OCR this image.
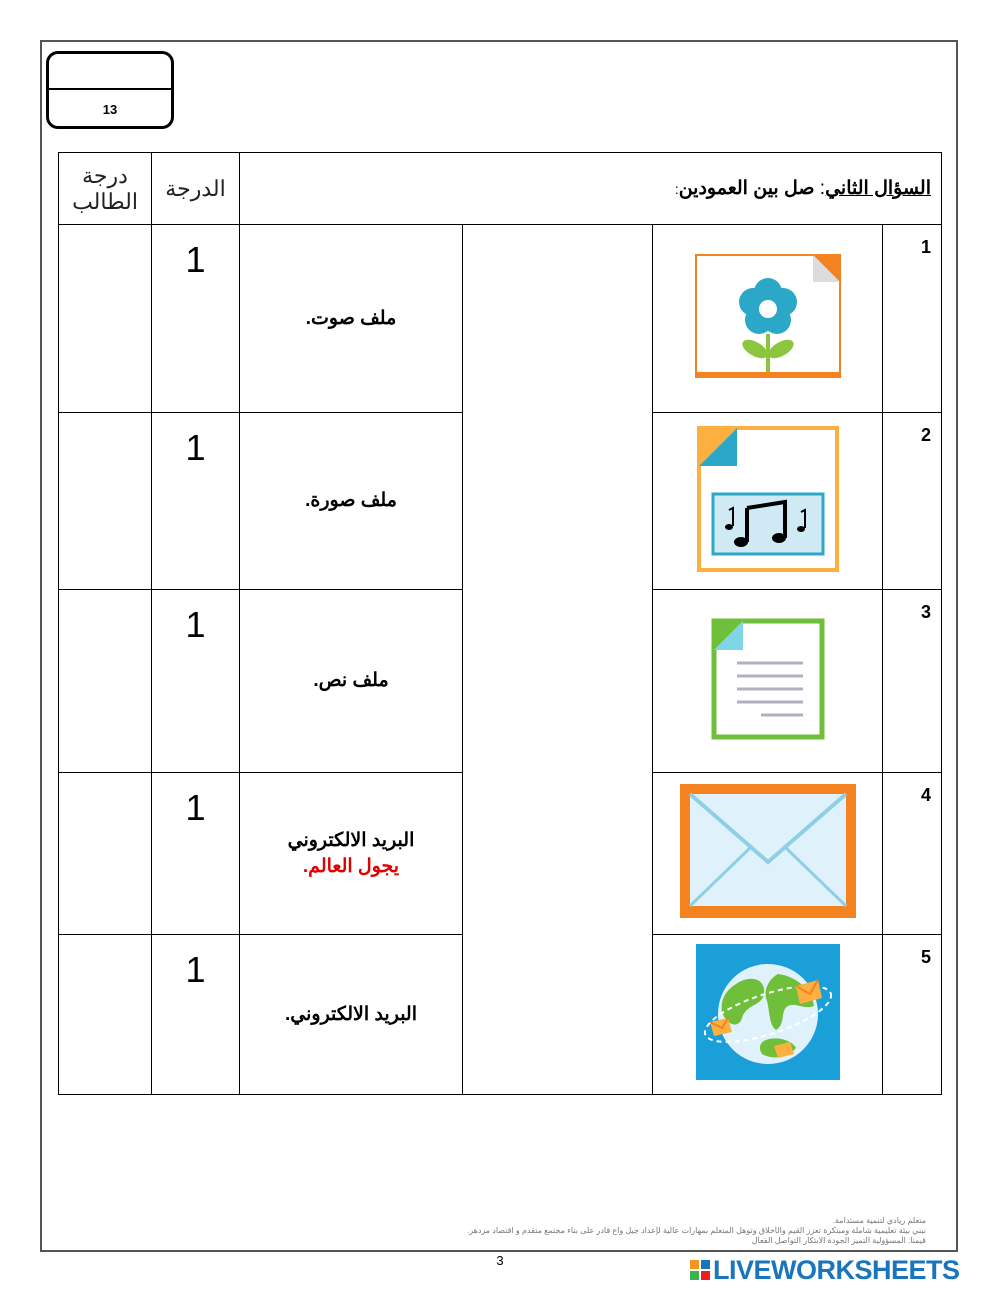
13
درجة الطالب	الدرجة	السؤال الثاني: صل بين العمودين:			

	1	ملف صوت.			1

	1	ملف صورة.			2

	1	ملف نص.			3

	1	البريد الالكتروني
يجول العالم.			4

	1	البريد الالكتروني.			5
متعلم ريادي لتنمية مستدامة.
نبني بيئة تعليمية شاملة ومبتكرة تعزز القيم والأخلاق وتوهل المتعلم بمهارات عالية لإعداد جيل واع قادر على بناء مجتمع متقدم و اقتصاد مزدهر.
قيمنا: المسؤولية التميز الجودة الابتكار التواصل الفعال
3	LIVEWORKSHEETS
